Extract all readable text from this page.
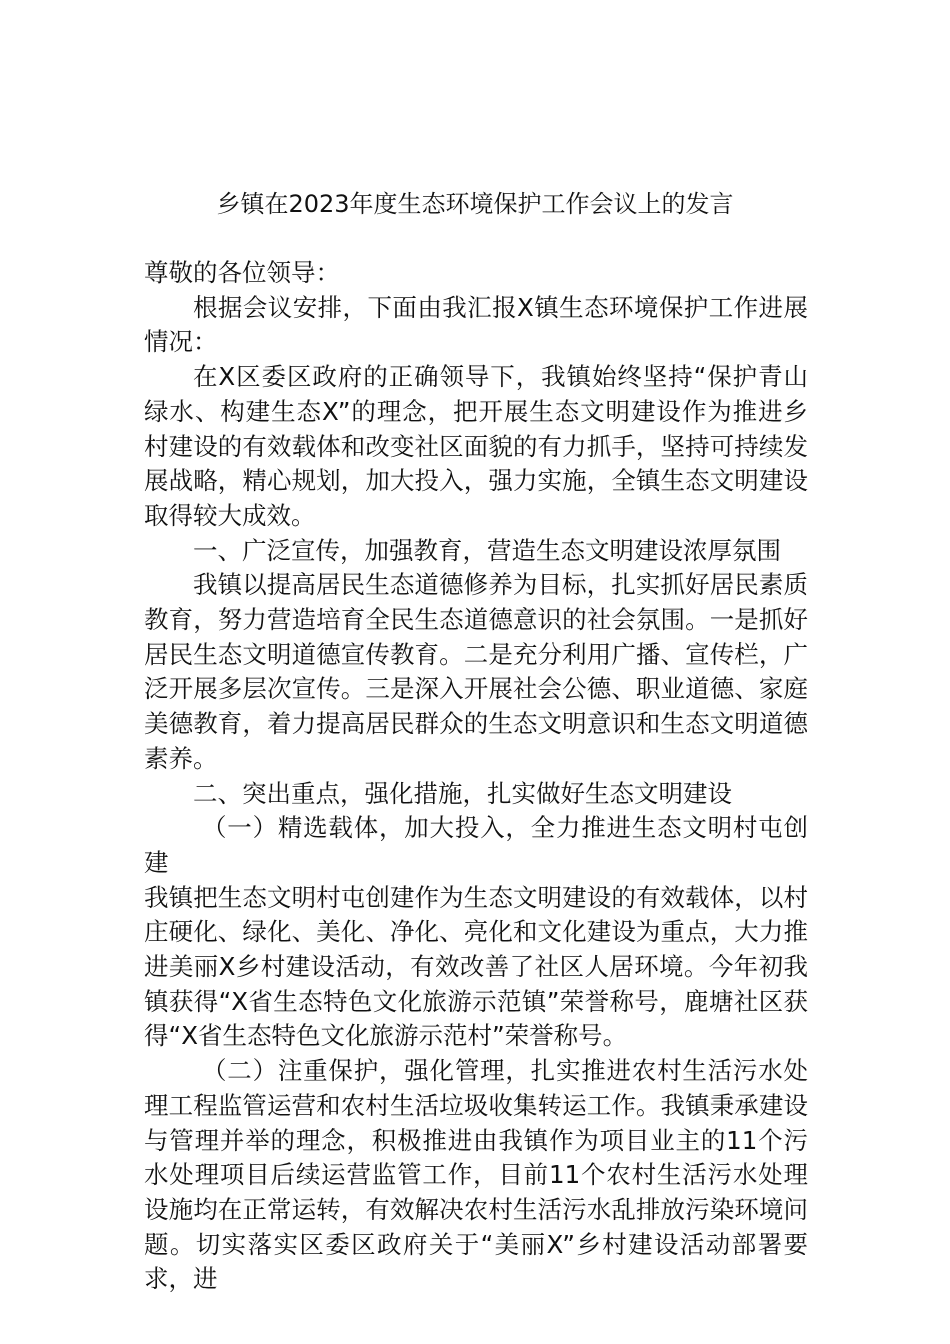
乡镇在2023年度生态环境保护工作会议上的发言

尊敬的各位领导：

根据会议安排，下面由我汇报X镇生态环境保护工作进展情况：

在X区委区政府的正确领导下，我镇始终坚持“保护青山绿水、构建生态X”的理念，把开展生态文明建设作为推进乡村建设的有效载体和改变社区面貌的有力抓手，坚持可持续发展战略，精心规划，加大投入，强力实施，全镇生态文明建设取得较大成效。

一、广泛宣传，加强教育，营造生态文明建设浓厚氛围

我镇以提高居民生态道德修养为目标，扎实抓好居民素质教育，努力营造培育全民生态道德意识的社会氛围。一是抓好居民生态文明道德宣传教育。二是充分利用广播、宣传栏，广泛开展多层次宣传。三是深入开展社会公德、职业道德、家庭美德教育，着力提高居民群众的生态文明意识和生态文明道德素养。

二、突出重点，强化措施，扎实做好生态文明建设

（一）精选载体，加大投入，全力推进生态文明村屯创建

我镇把生态文明村屯创建作为生态文明建设的有效载体，以村庄硬化、绿化、美化、净化、亮化和文化建设为重点，大力推进美丽X乡村建设活动，有效改善了社区人居环境。今年初我镇获得“X省生态特色文化旅游示范镇”荣誉称号，鹿塘社区获得“X省生态特色文化旅游示范村”荣誉称号。

（二）注重保护，强化管理，扎实推进农村生活污水处理工程监管运营和农村生活垃圾收集转运工作。我镇秉承建设与管理并举的理念，积极推进由我镇作为项目业主的11个污水处理项目后续运营监管工作，目前11个农村生活污水处理设施均在正常运转，有效解决农村生活污水乱排放污染环境问题。切实落实区委区政府关于“美丽X”乡村建设活动部署要求，进
